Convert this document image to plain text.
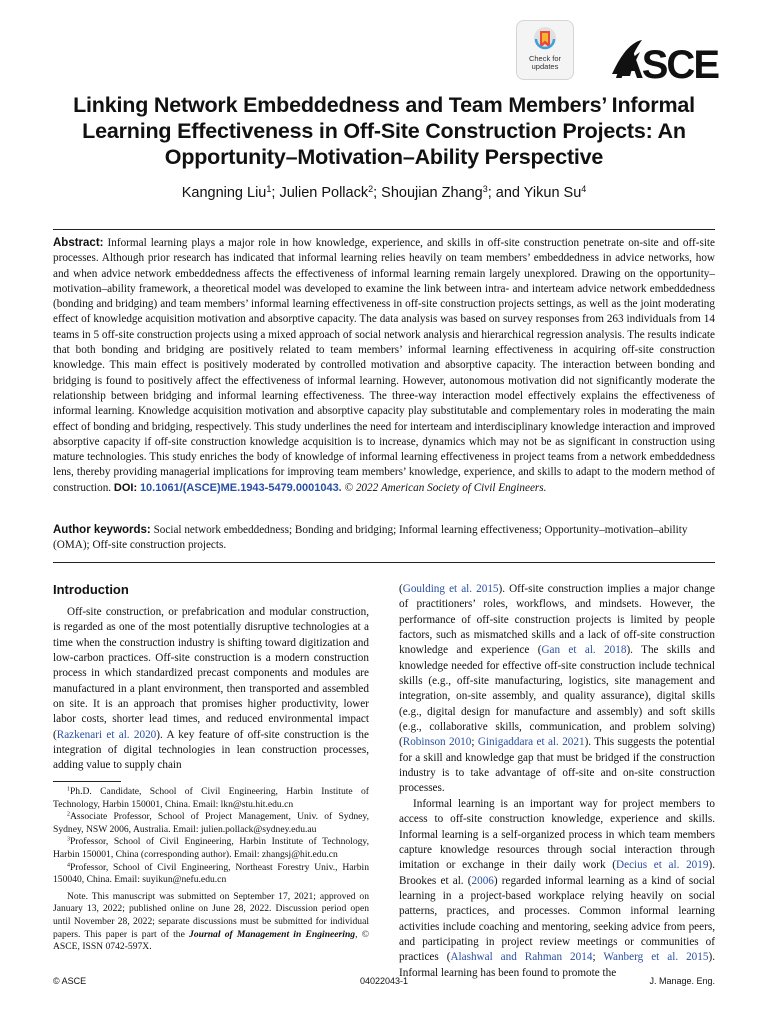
Check for
updates	ASCE
Linking Network Embeddedness and Team Members’ Informal Learning Effectiveness in Off-Site Construction Projects: An Opportunity–Motivation–Ability Perspective
Kangning Liu$^1$; Julien Pollack$^2$; Shoujian Zhang$^3$; and Yikun Su$^4$
Abstract: Informal learning plays a major role in how knowledge, experience, and skills in off-site construction penetrate on-site and off-site processes. Although prior research has indicated that informal learning relies heavily on team members’ embeddedness in advice networks, how and when advice network embeddedness affects the effectiveness of informal learning remain largely unexplored. Drawing on the opportunity–motivation–ability framework, a theoretical model was developed to examine the link between intra- and interteam advice network embeddedness (bonding and bridging) and team members’ informal learning effectiveness in off-site construction projects settings, as well as the joint moderating effect of knowledge acquisition motivation and absorptive capacity. The data analysis was based on survey responses from 263 individuals from 14 teams in 5 off-site construction projects using a mixed approach of social network analysis and hierarchical regression analysis. The results indicate that both bonding and bridging are positively related to team members’ informal learning effectiveness in acquiring off-site construction knowledge. This main effect is positively moderated by controlled motivation and absorptive capacity. The interaction between bonding and bridging is found to positively affect the effectiveness of informal learning. However, autonomous motivation did not significantly moderate the relationship between bridging and informal learning effectiveness. The three-way interaction model effectively explains the effectiveness of informal learning. Knowledge acquisition motivation and absorptive capacity play substitutable and complementary roles in moderating the main effect of bonding and bridging, respectively. This study underlines the need for interteam and interdisciplinary knowledge interaction and improved absorptive capacity if off-site construction knowledge acquisition is to increase, dynamics which may not be as significant in construction using mature technologies. This study enriches the body of knowledge of informal learning effectiveness in project teams from a network embeddedness lens, thereby providing managerial implications for improving team members’ knowledge, experience, and skills to adapt to the modern method of construction. DOI: 10.1061/(ASCE)ME.1943-5479.0001043. © 2022 American Society of Civil Engineers.
Author keywords: Social network embeddedness; Bonding and bridging; Informal learning effectiveness; Opportunity–motivation–ability (OMA); Off-site construction projects.
Introduction
Off-site construction, or prefabrication and modular construction, is regarded as one of the most potentially disruptive technologies at a time when the construction industry is shifting toward digitization and low-carbon practices. Off-site construction is a modern construction process in which standardized precast components and modules are manufactured in a plant environment, then transported and assembled on site. It is an approach that promises higher productivity, lower labor costs, shorter lead times, and reduced environmental impact (Razkenari et al. 2020). A key feature of off-site construction is the integration of digital technologies in lean construction processes, adding value to supply chain

(Goulding et al. 2015). Off-site construction implies a major change of practitioners’ roles, workflows, and mindsets. However, the performance of off-site construction projects is limited by people factors, such as mismatched skills and a lack of off-site construction knowledge and experience (Gan et al. 2018). The skills and knowledge needed for effective off-site construction include technical skills (e.g., off-site manufacturing, logistics, site management and integration, on-site assembly, and quality assurance), digital skills (e.g., digital design for manufacture and assembly) and soft skills (e.g., collaborative skills, communication, and problem solving) (Robinson 2010; Ginigaddara et al. 2021). This suggests the potential for a skill and knowledge gap that must be bridged if the construction industry is to take advantage of off-site and on-site construction processes.

Informal learning is an important way for project members to access to off-site construction knowledge, experience and skills. Informal learning is a self-organized process in which team members capture knowledge resources through social interaction through imitation or exchange in their daily work (Decius et al. 2019). Brookes et al. (2006) regarded informal learning as a kind of social learning in a project-based workplace relying heavily on social patterns, practices, and processes. Common informal learning activities include coaching and mentoring, seeking advice from peers, and participating in project review meetings or communities of practices (Alashwal and Rahman 2014; Wanberg et al. 2015). Informal learning has been found to promote the

$^1$Ph.D. Candidate, School of Civil Engineering, Harbin Institute of Technology, Harbin 150001, China. Email: lkn@stu.hit.edu.cn

$^2$Associate Professor, School of Project Management, Univ. of Sydney, Sydney, NSW 2006, Australia. Email: julien.pollack@sydney.edu.au

$^3$Professor, School of Civil Engineering, Harbin Institute of Technology, Harbin 150001, China (corresponding author). Email: zhangsj@hit.edu.cn

$^4$Professor, School of Civil Engineering, Northeast Forestry Univ., Harbin 150040, China. Email: suyikun@nefu.edu.cn

Note. This manuscript was submitted on September 17, 2021; approved on January 13, 2022; published online on June 28, 2022. Discussion period open until November 28, 2022; separate discussions must be submitted for individual papers. This paper is part of the Journal of Management in Engineering, © ASCE, ISSN 0742-597X.

© ASCE	04022043-1	J. Manage. Eng.
